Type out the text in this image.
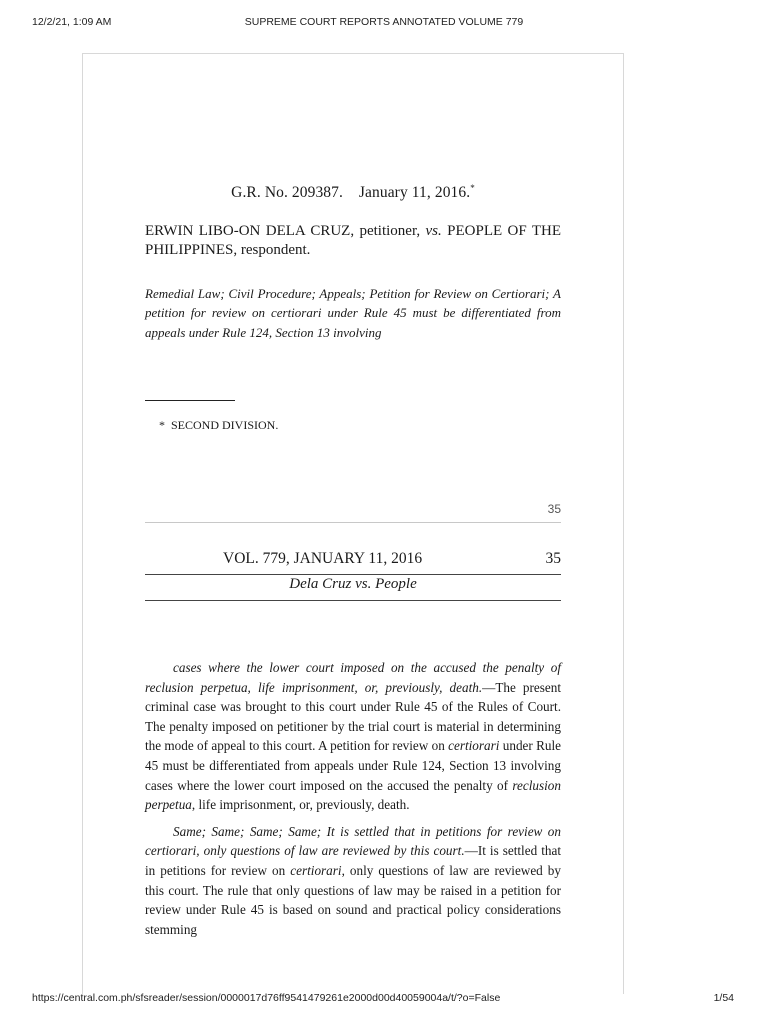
12/2/21, 1:09 AM	SUPREME COURT REPORTS ANNOTATED VOLUME 779
G.R. No. 209387. January 11, 2016.*
ERWIN LIBO-ON DELA CRUZ, petitioner, vs. PEOPLE OF THE PHILIPPINES, respondent.
Remedial Law; Civil Procedure; Appeals; Petition for Review on Certiorari; A petition for review on certiorari under Rule 45 must be differentiated from appeals under Rule 124, Section 13 involving
* SECOND DIVISION.
35
VOL. 779, JANUARY 11, 2016	35
Dela Cruz vs. People

cases where the lower court imposed on the accused the penalty of reclusion perpetua, life imprisonment, or, previously, death.—The present criminal case was brought to this court under Rule 45 of the Rules of Court. The penalty imposed on petitioner by the trial court is material in determining the mode of appeal to this court. A petition for review on certiorari under Rule 45 must be differentiated from appeals under Rule 124, Section 13 involving cases where the lower court imposed on the accused the penalty of reclusion perpetua, life imprisonment, or, previously, death.

Same; Same; Same; Same; It is settled that in petitions for review on certiorari, only questions of law are reviewed by this court.—It is settled that in petitions for review on certiorari, only questions of law are reviewed by this court. The rule that only questions of law may be raised in a petition for review under Rule 45 is based on sound and practical policy considerations stemming

https://central.com.ph/sfsreader/session/0000017d76ff9541479261e2000d00d40059004a/t/?o=False	1/54
